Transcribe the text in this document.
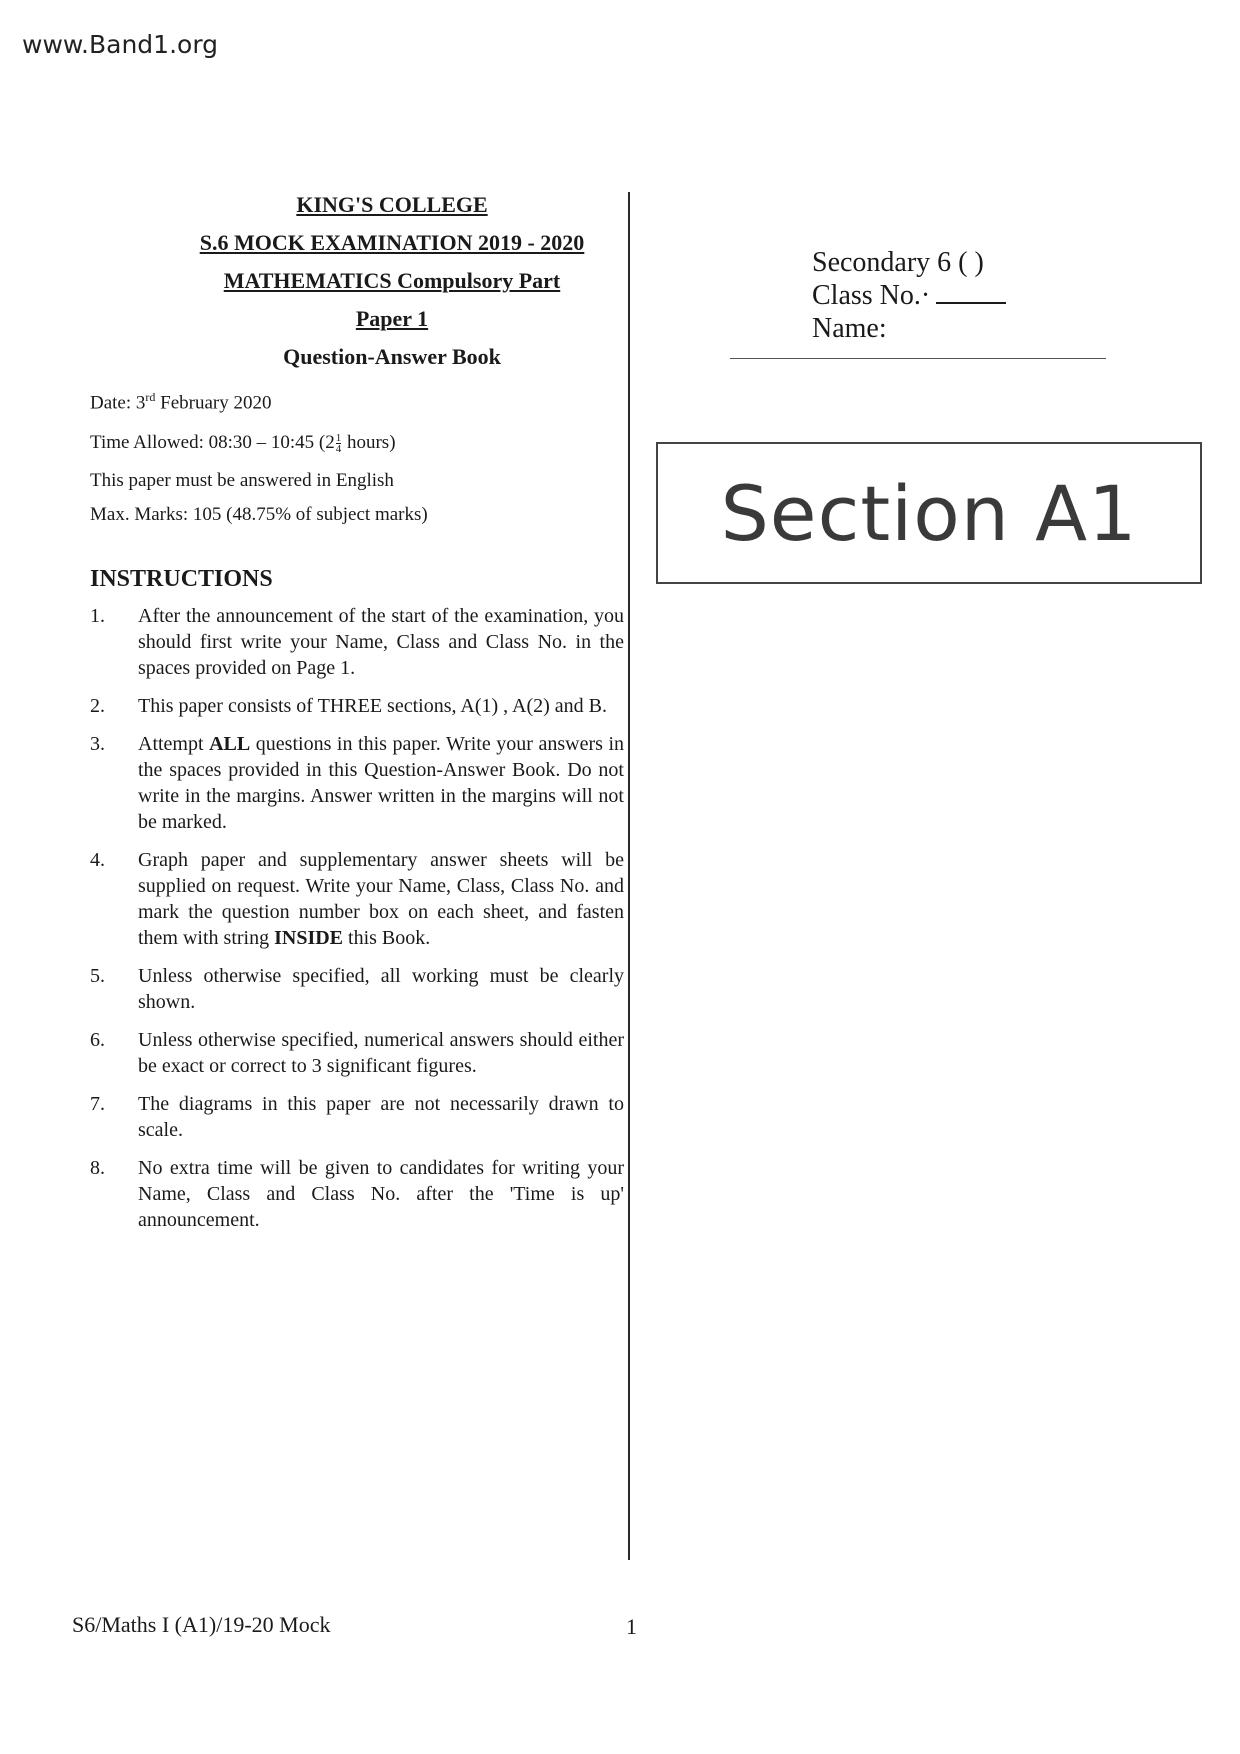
www.Band1.org
KING'S COLLEGE
S.6 MOCK EXAMINATION 2019 - 2020
MATHEMATICS Compulsory Part
Paper 1
Question-Answer Book
Date: 3rd February 2020
Time Allowed: 08:30 – 10:45 ($2 \frac{1}{4}$ hours)
This paper must be answered in English
Max. Marks: 105 (48.75% of subject marks)
INSTRUCTIONS
1.	After the announcement of the start of the examination, you should first write your Name, Class and Class No. in the spaces provided on Page 1.
2.	This paper consists of THREE sections, A(1) , A(2) and B.
3.	Attempt ALL questions in this paper. Write your answers in the spaces provided in this Question-Answer Book. Do not write in the margins. Answer written in the margins will not be marked.
4.	Graph paper and supplementary answer sheets will be supplied on request. Write your Name, Class, Class No. and mark the question number box on each sheet, and fasten them with string INSIDE this Book.
5.	Unless otherwise specified, all working must be clearly shown.
6.	Unless otherwise specified, numerical answers should either be exact or correct to 3 significant figures.
7.	The diagrams in this paper are not necessarily drawn to scale.
8.	No extra time will be given to candidates for writing your Name, Class and Class No. after the 'Time is up' announcement.
Secondary 6 ( )
Class No.·
Name:
Section A1
S6/Maths I (A1)/19-20 Mock	1
